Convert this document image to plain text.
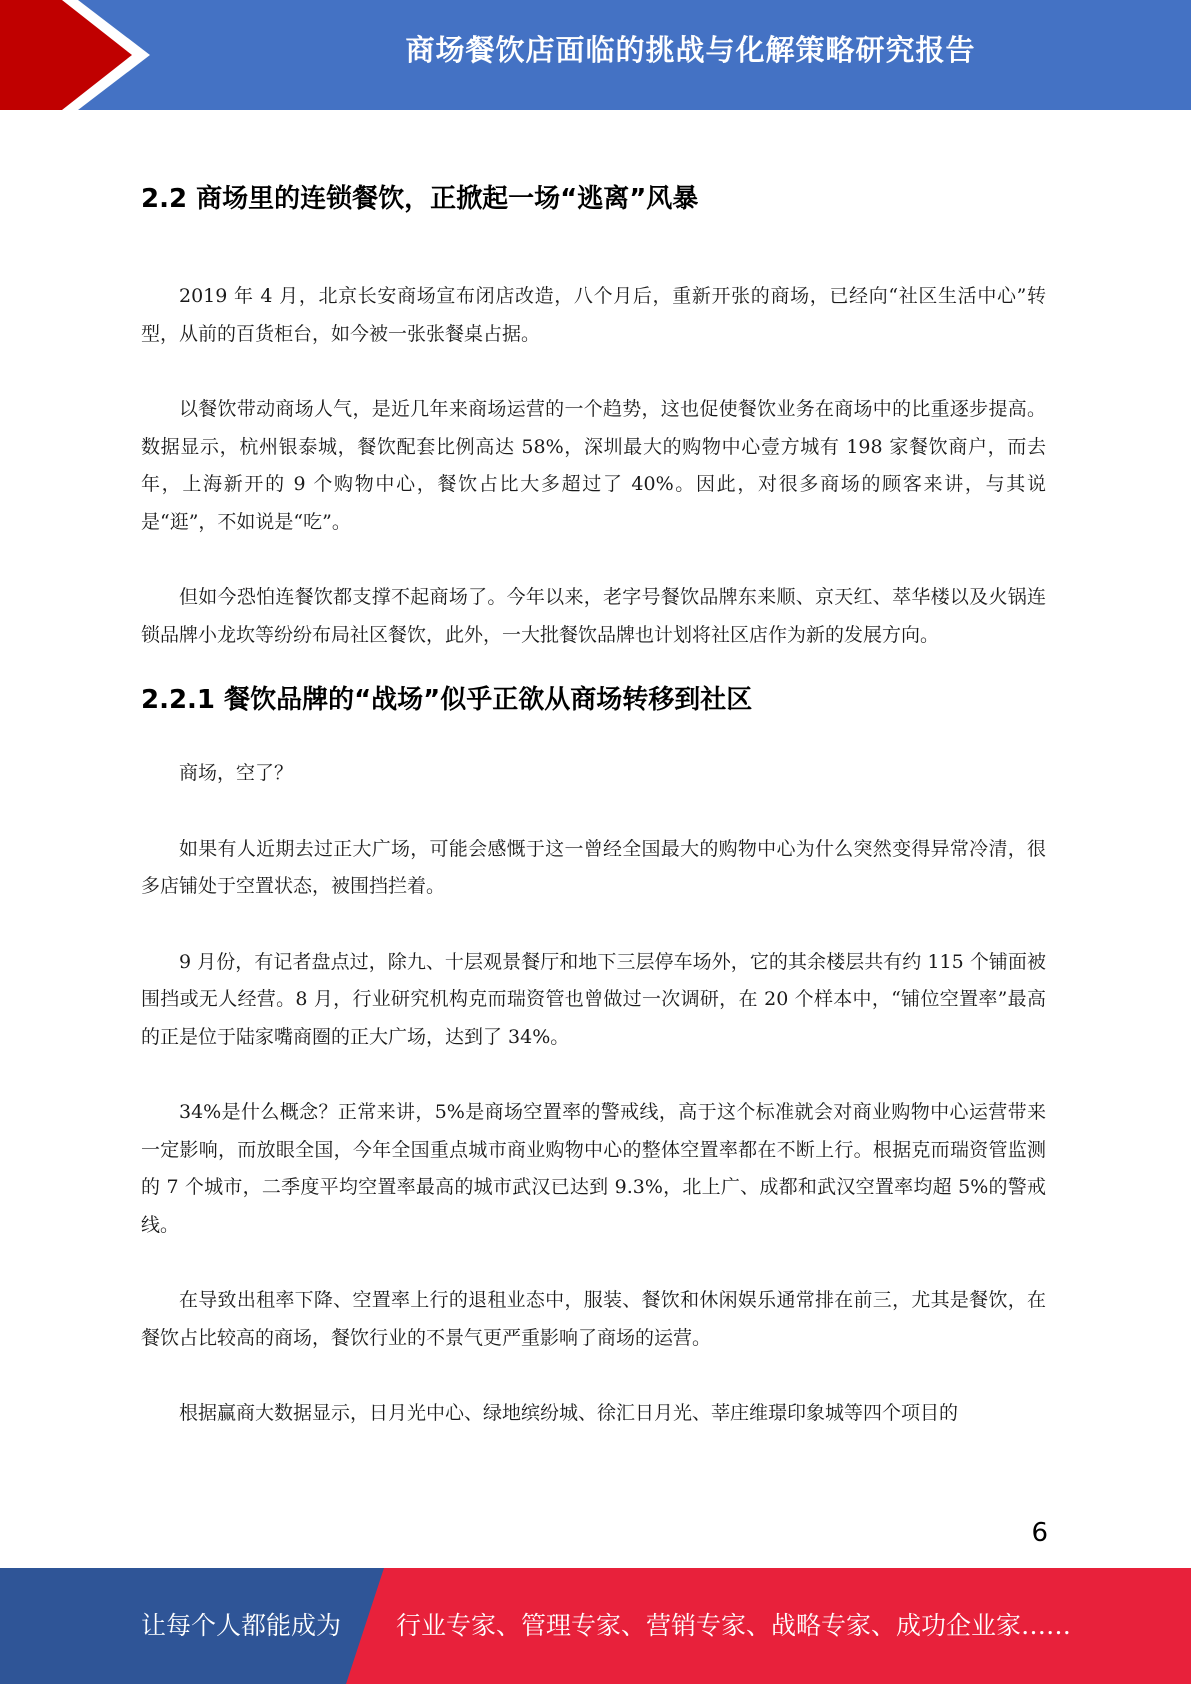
商场餐饮店面临的挑战与化解策略研究报告
2.2 商场里的连锁餐饮，正掀起一场“逃离”风暴

2019 年 4 月，北京长安商场宣布闭店改造，八个月后，重新开张的商场，已经向“社区生活中心”转型，从前的百货柜台，如今被一张张餐桌占据。

以餐饮带动商场人气，是近几年来商场运营的一个趋势，这也促使餐饮业务在商场中的比重逐步提高。数据显示，杭州银泰城，餐饮配套比例高达 58%，深圳最大的购物中心壹方城有 198 家餐饮商户，而去年，上海新开的 9 个购物中心，餐饮占比大多超过了 40%。因此，对很多商场的顾客来讲，与其说是“逛”，不如说是“吃”。

但如今恐怕连餐饮都支撑不起商场了。今年以来，老字号餐饮品牌东来顺、京天红、萃华楼以及火锅连锁品牌小龙坎等纷纷布局社区餐饮，此外，一大批餐饮品牌也计划将社区店作为新的发展方向。

2.2.1 餐饮品牌的“战场”似乎正欲从商场转移到社区

商场，空了？

如果有人近期去过正大广场，可能会感慨于这一曾经全国最大的购物中心为什么突然变得异常冷清，很多店铺处于空置状态，被围挡拦着。

9 月份，有记者盘点过，除九、十层观景餐厅和地下三层停车场外，它的其余楼层共有约 115 个铺面被围挡或无人经营。8 月，行业研究机构克而瑞资管也曾做过一次调研，在 20 个样本中，“铺位空置率”最高的正是位于陆家嘴商圈的正大广场，达到了 34%。

34%是什么概念？正常来讲，5%是商场空置率的警戒线，高于这个标准就会对商业购物中心运营带来一定影响，而放眼全国，今年全国重点城市商业购物中心的整体空置率都在不断上行。根据克而瑞资管监测的 7 个城市，二季度平均空置率最高的城市武汉已达到 9.3%，北上广、成都和武汉空置率均超 5%的警戒线。

在导致出租率下降、空置率上行的退租业态中，服装、餐饮和休闲娱乐通常排在前三，尤其是餐饮，在餐饮占比较高的商场，餐饮行业的不景气更严重影响了商场的运营。

根据赢商大数据显示，日月光中心、绿地缤纷城、徐汇日月光、莘庄维璟印象城等四个项目的

6
让每个人都能成为 行业专家、管理专家、营销专家、战略专家、成功企业家……
